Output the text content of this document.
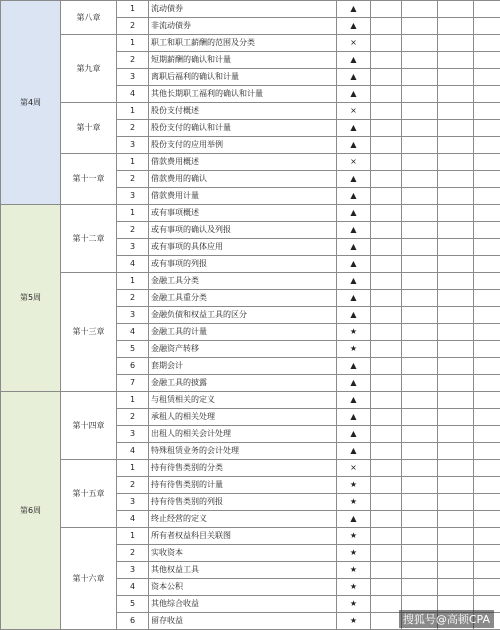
第4周	第八章	1	流动债券	▲				
		2	非流动债券	▲				
	第九章	1	职工和职工薪酬的范围及分类	×				
		2	短期薪酬的确认和计量	▲				
		3	离职后福利的确认和计量	▲				
		4	其他长期职工福利的确认和计量	▲				
	第十章	1	股份支付概述	×				
		2	股份支付的确认和计量	▲				
		3	股份支付的应用举例	▲				
	第十一章	1	借款费用概述	×				
		2	借款费用的确认	▲				
		3	借款费用计量	▲				
第5周	第十二章	1	或有事项概述	▲				
		2	或有事项的确认及列报	▲				
		3	或有事项的具体应用	▲				
		4	或有事项的列报	▲				
	第十三章	1	金融工具分类	▲				
		2	金融工具重分类	▲				
		3	金融负债和权益工具的区分	▲				
		4	金融工具的计量	★				
		5	金融资产转移	★				
		6	套期会计	▲				
		7	金融工具的披露	▲				
第6周	第十四章	1	与租赁相关的定义	▲				
		2	承租人的相关处理	▲				
		3	出租人的相关会计处理	▲				
		4	特殊租赁业务的会计处理	▲				
	第十五章	1	持有待售类别的分类	×				
		2	持有待售类别的计量	★				
		3	持有待售类别的列报	★				
		4	终止经营的定义	▲				
	第十六章	1	所有者权益科目关联图	★				
		2	实收资本	★				
		3	其他权益工具	★				
		4	资本公积	★				
		5	其他综合收益	★				
		6	留存收益	★					搜狐号@高顿CPA
